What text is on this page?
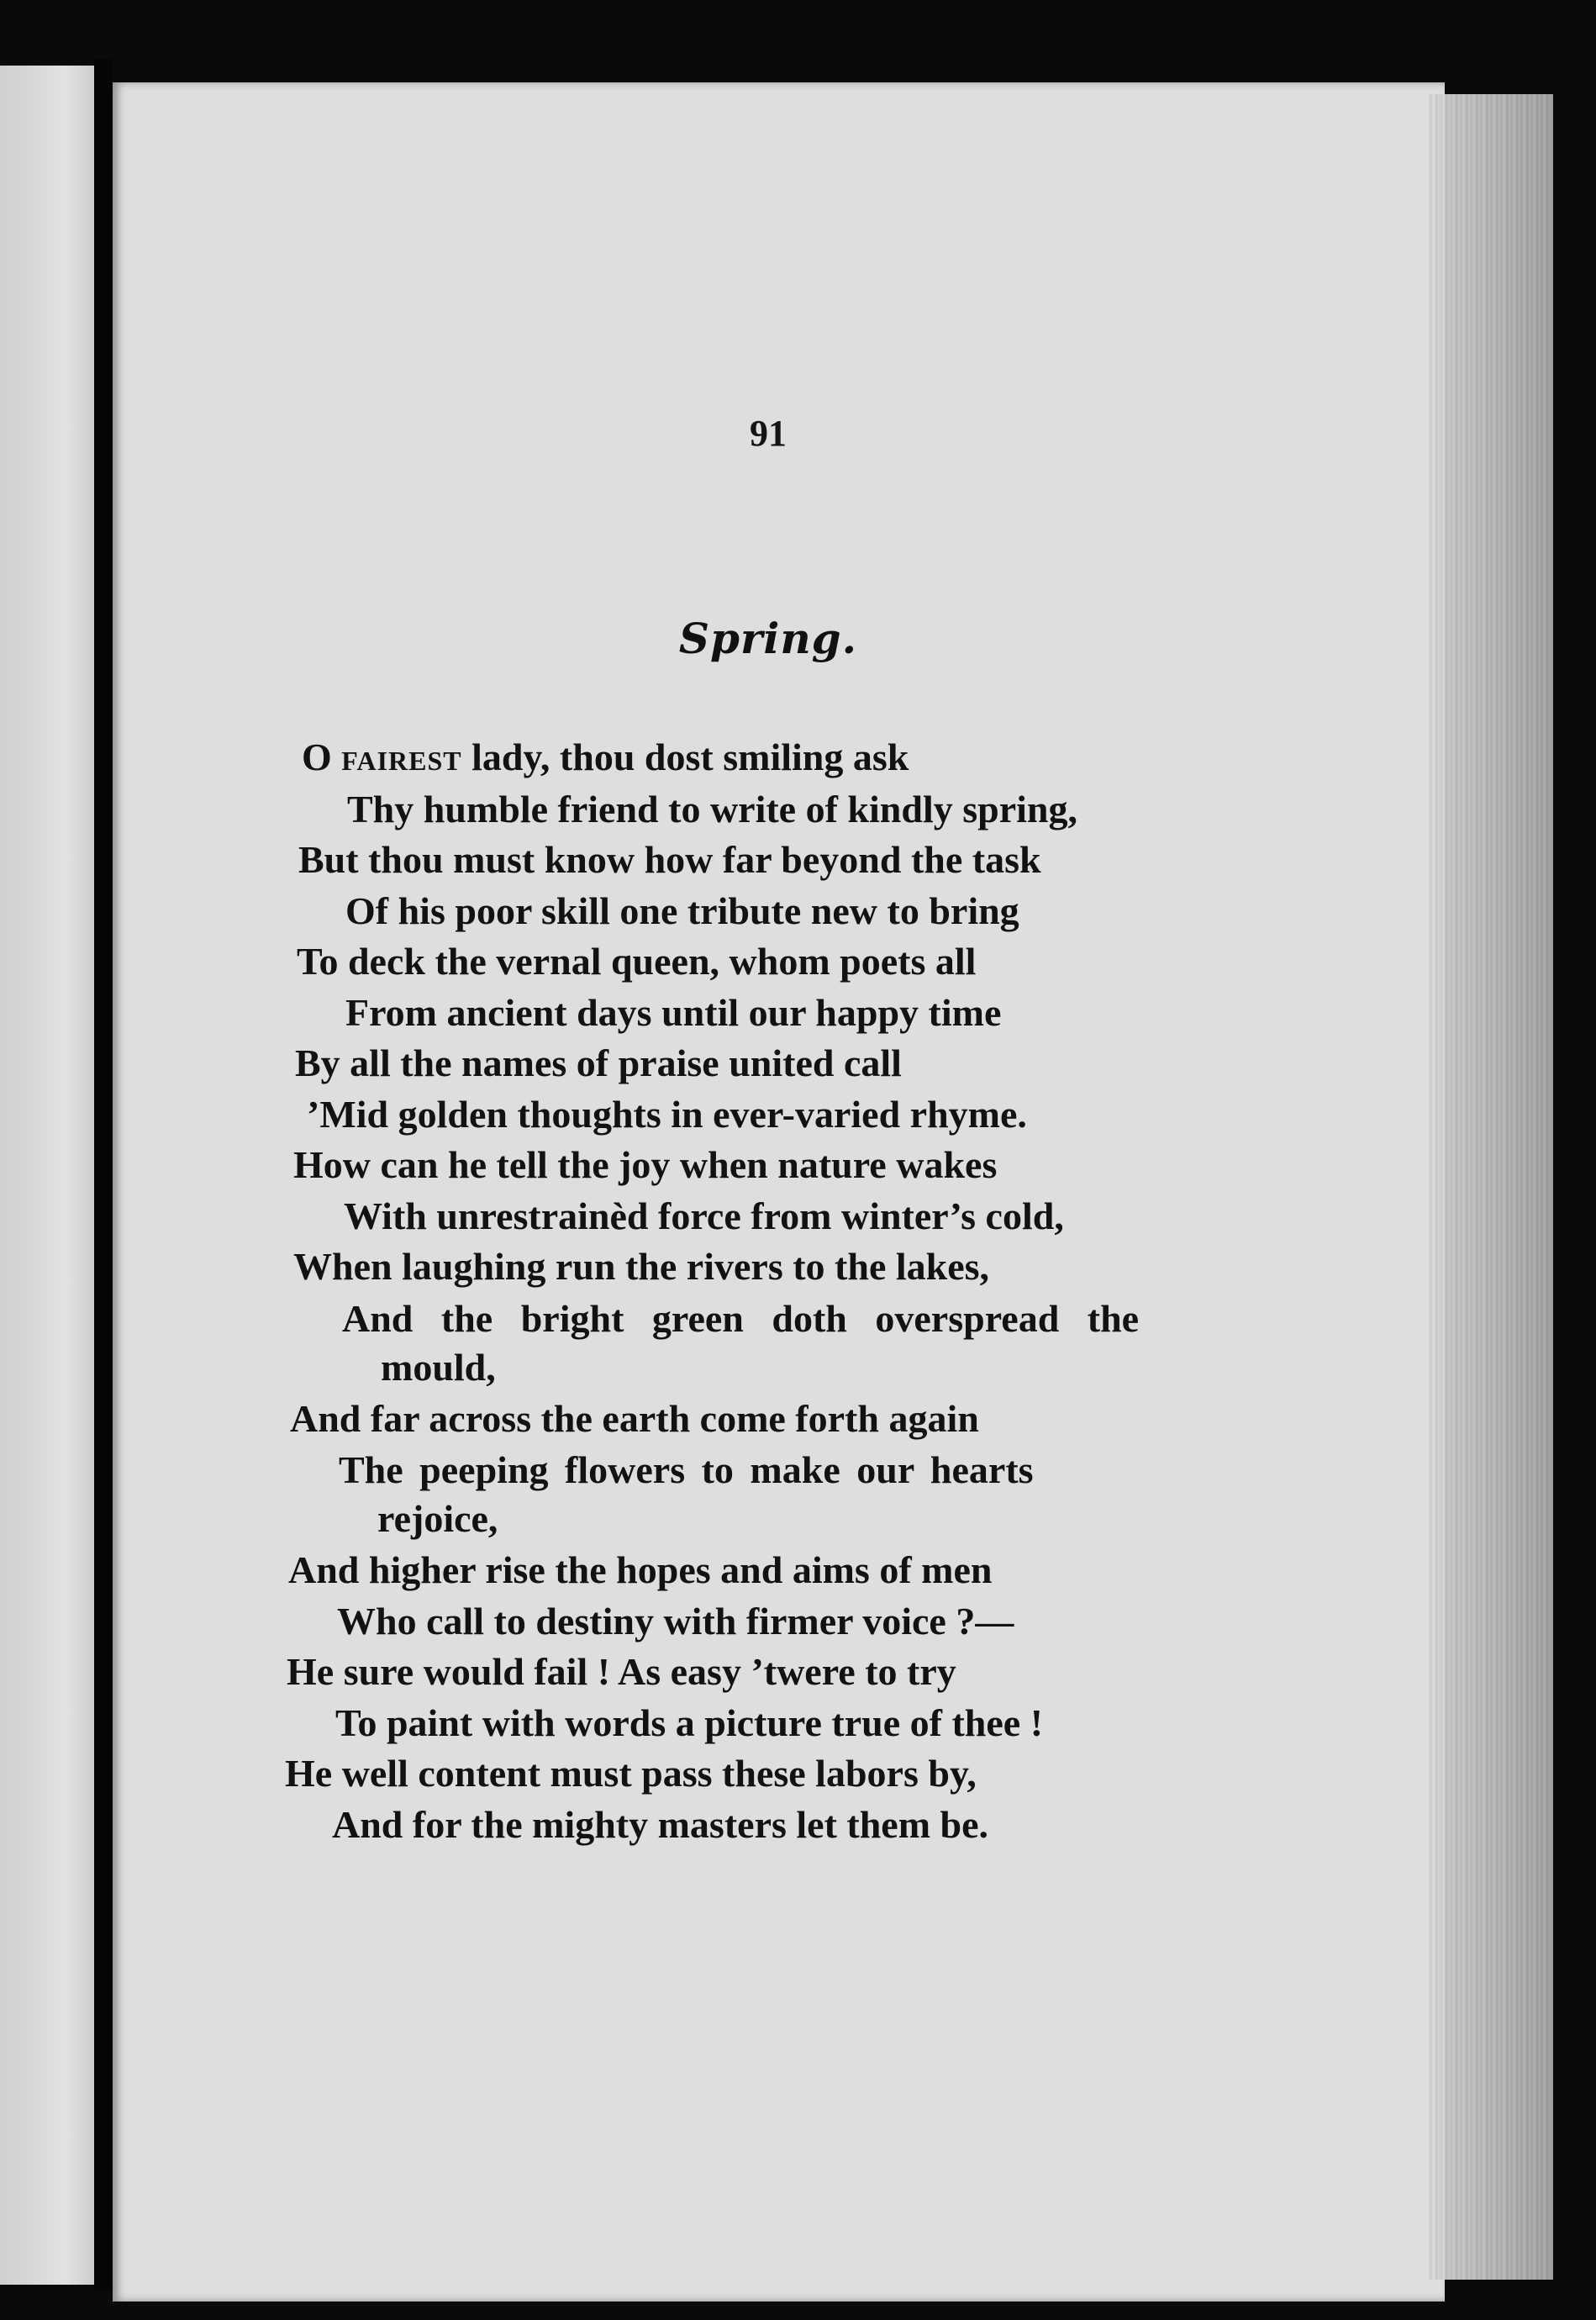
91
Spring.
O fairest lady, thou dost smiling ask
Thy humble friend to write of kindly spring,
But thou must know how far beyond the task
Of his poor skill one tribute new to bring
To deck the vernal queen, whom poets all
From ancient days until our happy time
By all the names of praise united call
’Mid golden thoughts in ever-varied rhyme.
How can he tell the joy when nature wakes
With unrestrainèd force from winter’s cold,
When laughing run the rivers to the lakes,
And the bright green doth overspread the
mould,
And far across the earth come forth again
The peeping flowers to make our hearts
rejoice,
And higher rise the hopes and aims of men
Who call to destiny with firmer voice ?—
He sure would fail ! As easy ’twere to try
To paint with words a picture true of thee !
He well content must pass these labors by,
And for the mighty masters let them be.
